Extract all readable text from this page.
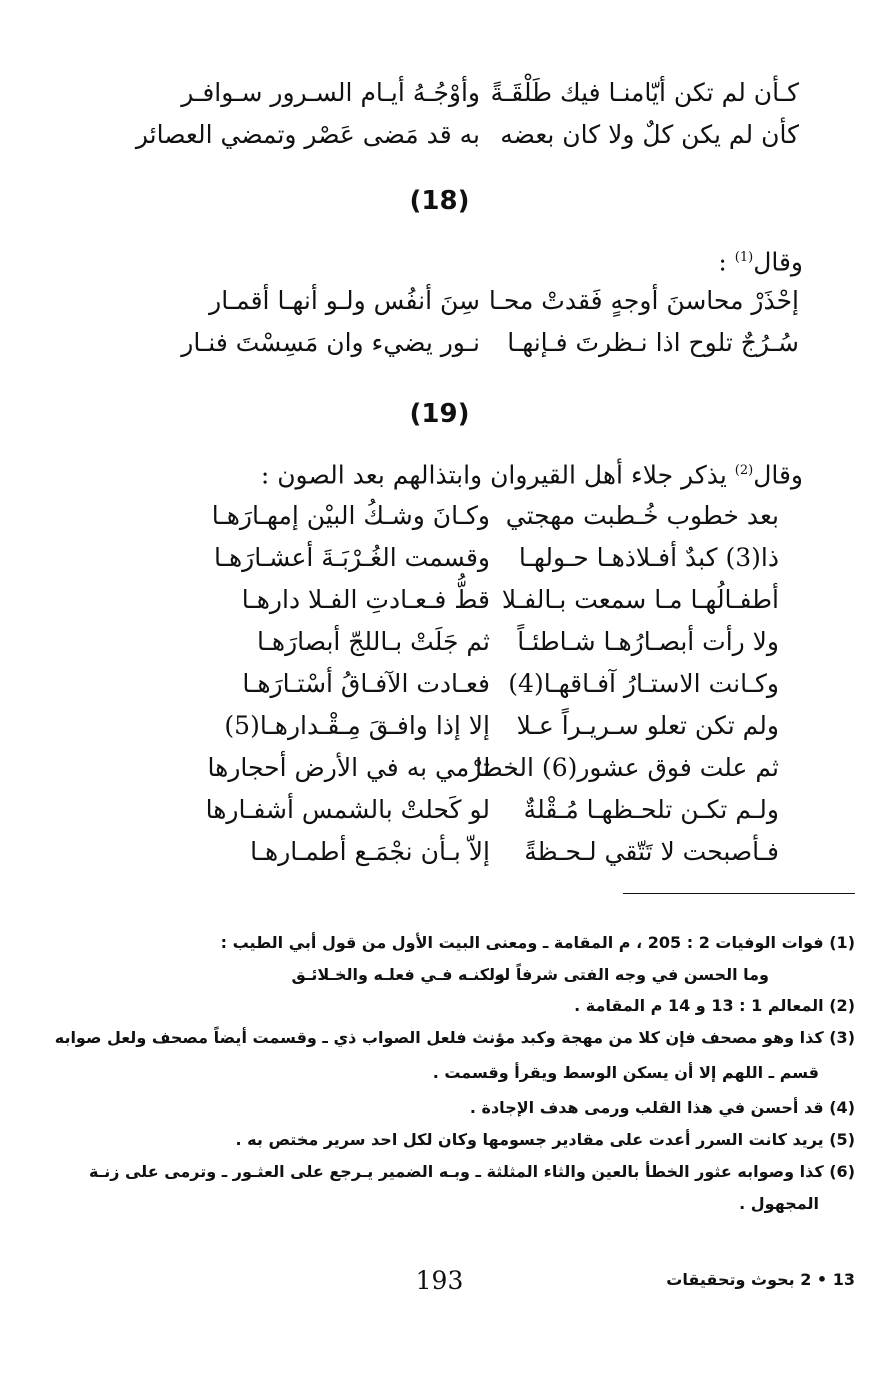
كـأن لم تكن أيّامنـا فيك طَلْقَـةً
وأوْجُـهُ أيـام السـرور سـوافـر
كأن لم يكن كلٌ ولا كان بعضه
به قد مَضى عَصْر وتمضي العصائر
(18)
وقال$^{(1)}$ :
إحْذَرْ محاسنَ أوجهٍ فَقدتْ محـا
سِنَ أنفُس ولـو أنهـا أقمـار
سُـرُجٌ تلوح اذا نـظرتَ فـإنهـا
نـور يضيء وان مَسِسْتَ فنـار
(19)
وقال$^{(2)}$ يذكر جلاء أهل القيروان وابتذالهم بعد الصون :
بعد خطوب خُـطبت مهجتي
وكـانَ وشـكُ البيْن إمهـارَهـا
ذا(3) كبدٌ أفـلاذهـا حـولهـا
وقسمت الغُـرْبَـةَ أعشـارَهـا
أطفـالُهـا مـا سمعت بـالفـلا
قطُّ فـعـادتِ الفـلا دارهـا
ولا رأت أبصـارُهـا شـاطئـاً
ثم جَلَتْ بـاللجّ أبصارَهـا
وكـانت الاستـارُ آفـاقهـا(4)
فعـادت الآفـاقُ أسْتـارَهـا
ولم تكن تعلو سـريـراً عـلا
إلا إذا وافـقَ مِـقْـدارهـا(5)
ثم علت فوق عشور(6) الخطا
ترْمي به في الأرض أحجارها
ولـم تكـن تلحـظهـا مُـقْلةٌ
لو كَحلتْ بالشمس أشفـارها
فـأصبحت لا تَتّقي لـحـظةً
إلاّ بـأن نجْمَـع أطمـارهـا
(1) فوات الوفيات 2 : 205 ، م المقامة ـ ومعنى البيت الأول من قول أبي الطيب :
وما الحسن في وجه الفتى شرفاً له
ولكنـه فـي فعلـه والخـلائـق
(2) المعالم 1 : 13 و 14 م المقامة .
(3) كذا وهو مصحف فإن كلا من مهجة وكبد مؤنث فلعل الصواب ذي ـ وقسمت أيضاً مصحف ولعل صوابه
قسم ـ اللهم إلا أن يسكن الوسط ويقرأ وقسمت .
(4) قد أحسن في هذا القلب ورمى هدف الإجادة .
(5) يريد كانت السرر أعدت على مقادير جسومها وكان لكل احد سرير مختص به .
(6) كذا وصوابه عثور الخطأ بالعين والثاء المثلثة ـ وبـه الضمير يـرجع على العثـور ـ وترمى على زنـة
المجهول .
193	13 • 2 بحوث وتحقيقات
